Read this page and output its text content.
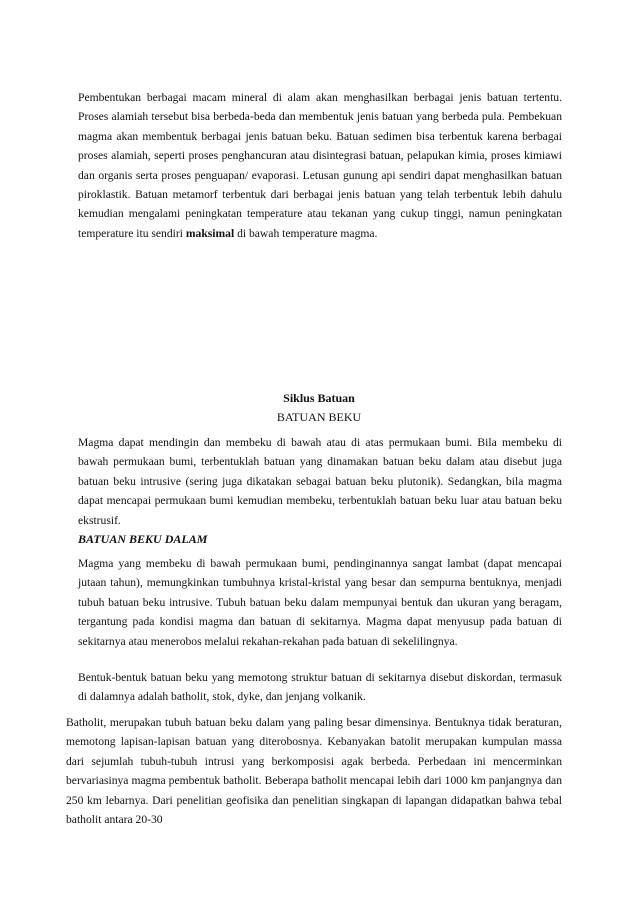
Pembentukan berbagai macam mineral di alam akan menghasilkan berbagai jenis batuan tertentu. Proses alamiah tersebut bisa berbeda-beda dan membentuk jenis batuan yang berbeda pula. Pembekuan magma akan membentuk berbagai jenis batuan beku. Batuan sedimen bisa terbentuk karena berbagai proses alamiah, seperti proses penghancuran atau disintegrasi batuan, pelapukan kimia, proses kimiawi dan organis serta proses penguapan/ evaporasi. Letusan gunung api sendiri dapat menghasilkan batuan piroklastik. Batuan metamorf terbentuk dari berbagai jenis batuan yang telah terbentuk lebih dahulu kemudian mengalami peningkatan temperature atau tekanan yang cukup tinggi, namun peningkatan temperature itu sendiri maksimal di bawah temperature magma.

Siklus Batuan
BATUAN BEKU

Magma dapat mendingin dan membeku di bawah atau di atas permukaan bumi. Bila membeku di bawah permukaan bumi, terbentuklah batuan yang dinamakan batuan beku dalam atau disebut juga batuan beku intrusive (sering juga dikatakan sebagai batuan beku plutonik). Sedangkan, bila magma dapat mencapai permukaan bumi kemudian membeku, terbentuklah batuan beku luar atau batuan beku ekstrusif.

BATUAN BEKU DALAM

Magma yang membeku di bawah permukaan bumi, pendinginannya sangat lambat (dapat mencapai jutaan tahun), memungkinkan tumbuhnya kristal-kristal yang besar dan sempurna bentuknya, menjadi tubuh batuan beku intrusive. Tubuh batuan beku dalam mempunyai bentuk dan ukuran yang beragam, tergantung pada kondisi magma dan batuan di sekitarnya. Magma dapat menyusup pada batuan di sekitarnya atau menerobos melalui rekahan-rekahan pada batuan di sekelilingnya.

Bentuk-bentuk batuan beku yang memotong struktur batuan di sekitarnya disebut diskordan, termasuk di dalamnya adalah batholit, stok, dyke, dan jenjang volkanik.

Batholit, merupakan tubuh batuan beku dalam yang paling besar dimensinya. Bentuknya tidak beraturan, memotong lapisan-lapisan batuan yang diterobosnya. Kebanyakan batolit merupakan kumpulan massa dari sejumlah tubuh-tubuh intrusi yang berkomposisi agak berbeda. Perbedaan ini mencerminkan bervariasinya magma pembentuk batholit. Beberapa batholit mencapai lebih dari 1000 km panjangnya dan 250 km lebarnya. Dari penelitian geofisika dan penelitian singkapan di lapangan didapatkan bahwa tebal batholit antara 20-30
